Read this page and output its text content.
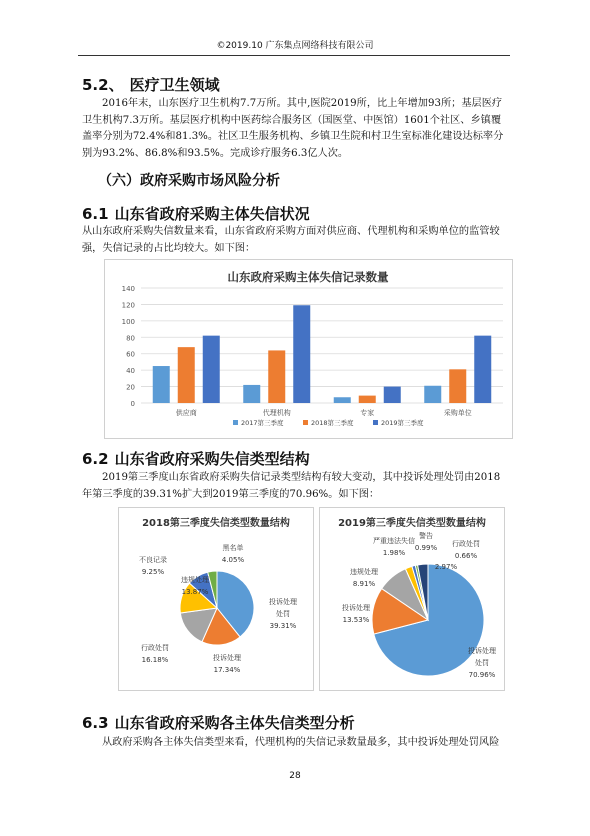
©2019.10 广东集点网络科技有限公司
5.2、 医疗卫生领域
2016年末，山东医疗卫生机构7.7万所。其中,医院2019所，比上年增加93所；基层医疗卫生机构7.3万所。基层医疗机构中医药综合服务区（国医堂、中医馆）1601个社区、乡镇覆盖率分别为72.4%和81.3%。社区卫生服务机构、乡镇卫生院和村卫生室标准化建设达标率分别为93.2%、86.8%和93.5%。完成诊疗服务6.3亿人次。
（六）政府采购市场风险分析
6.1 山东省政府采购主体失信状况
从山东政府采购失信数量来看，山东省政府采购方面对供应商、代理机构和采购单位的监管较强，失信记录的占比均较大。如下图：
山东政府采购主体失信记录数量
0
20
40
60
80
100
120
140
供应商	代理机构	专家	采购单位
2017第三季度	2018第三季度	2019第三季度
6.2 山东省政府采购失信类型结构
2019第三季度山东省政府采购失信记录类型结构有较大变动，其中投诉处理处罚由2018年第三季度的39.31%扩大到2019第三季度的70.96%。如下图：
2018第三季度失信类型数量结构
投诉处理
处罚
39.31%
投诉处理
17.34%
行政处罚
16.18%
违规处理
13.87%
不良记录
9.25%
黑名单
4.05%
2019第三季度失信类型数量结构
投诉处理
处罚
70.96%
投诉处理
13.53%
违规处理
8.91%
严重违法失信
1.98%
警告
0.99% 行政处罚
0.66%
2.97%
6.3 山东省政府采购各主体失信类型分析
从政府采购各主体失信类型来看，代理机构的失信记录数量最多，其中投诉处理处罚风险
28
